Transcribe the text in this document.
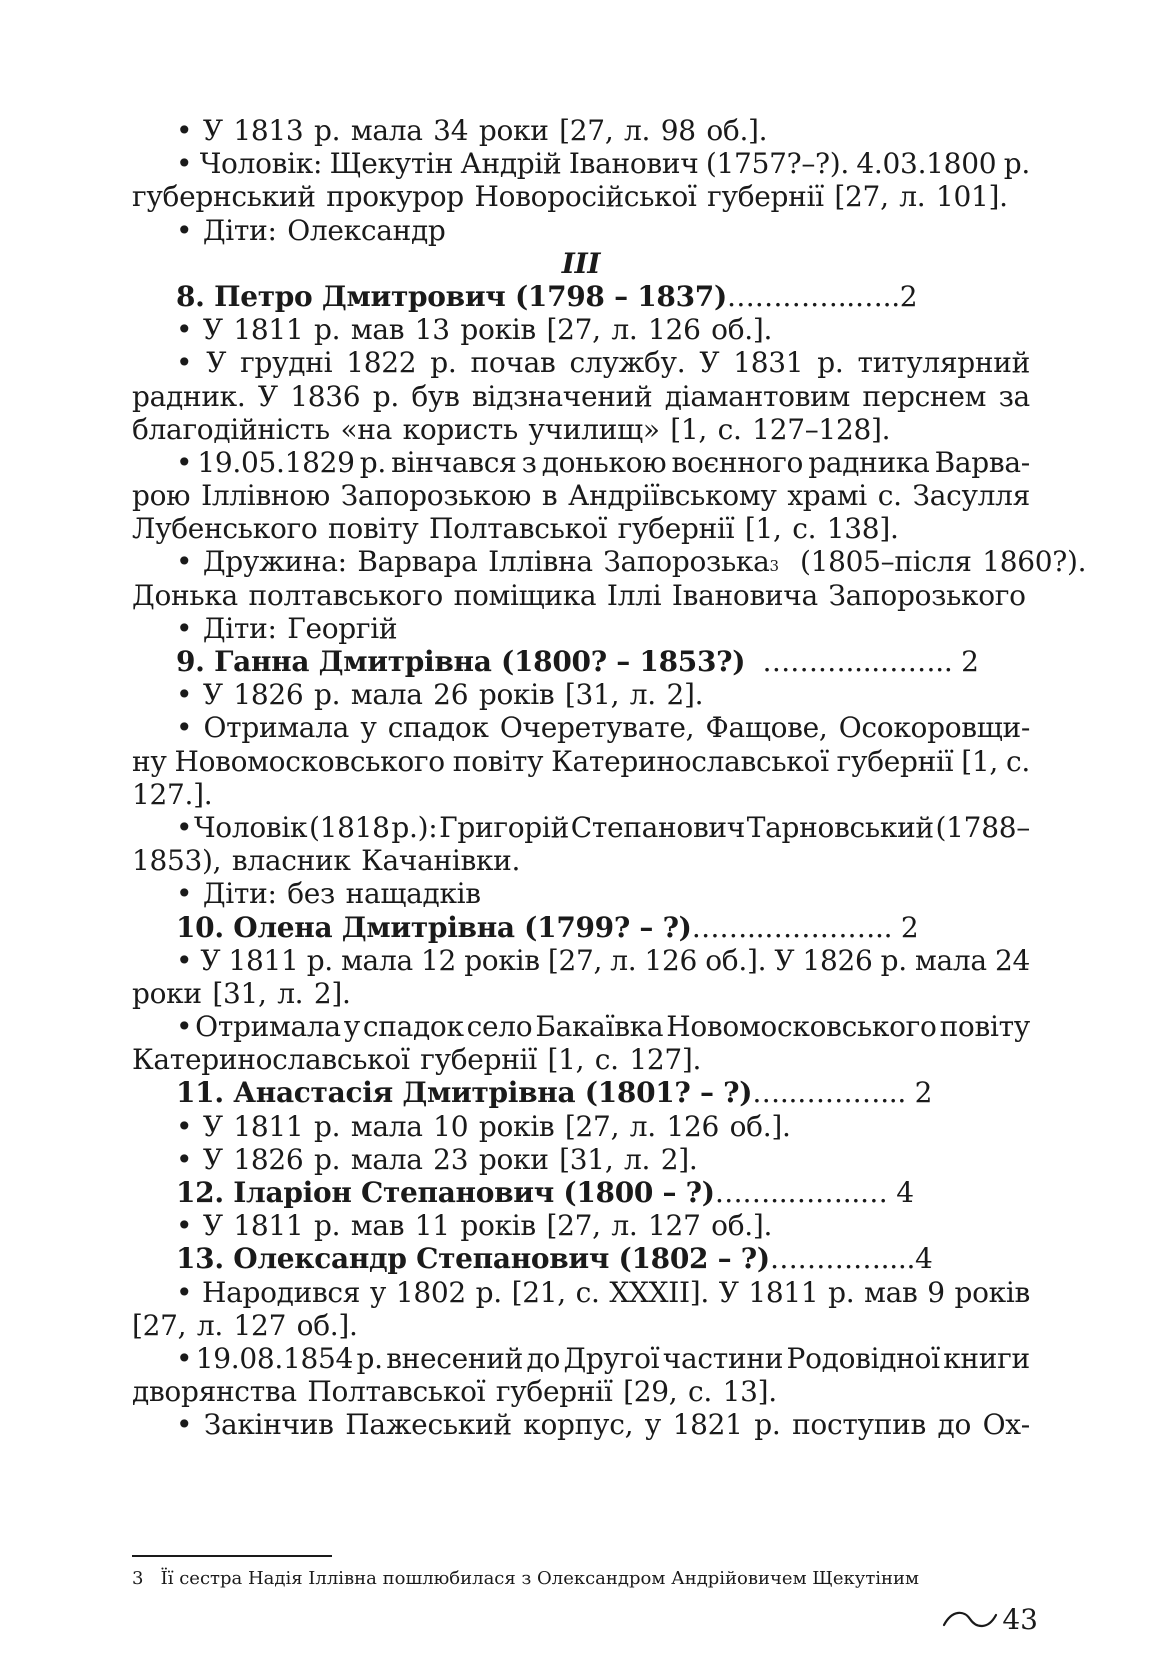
• У 1813 р. мала 34 роки [27, л. 98 об.].
• Чоловік: Щекутін Андрій Іванович (1757?–?). 4.03.1800 р.
губернський прокурор Новоросійської губернії [27, л. 101].
• Діти: Олександр
ІІІ
8. Петро Дмитрович (1798 – 1837) …………..…..2
• У 1811 р. мав 13 років [27, л. 126 об.].
• У грудні 1822 р. почав службу. У 1831 р. титулярний
радник. У 1836 р. був відзначений діамантовим перснем за
благодійність «на користь училищ» [1, с. 127–128].
• 19.05.1829 р. вінчався з донькою воєнного радника Варва-
рою Іллівною Запорозькою в Андріївському храмі с. Засулля
Лубенського повіту Полтавської губернії [1, с. 138].
• Дружина: Варвара Іллівна Запорозька 3 (1805–після 1860?).
Донька полтавського поміщика Іллі Івановича Запорозького
• Діти: Георгій
9. Ганна Дмитрівна (1800? – 1853?) ………....…….. 2
• У 1826 р. мала 26 років [31, л. 2].
• Отримала у спадок Очеретувате, Фащове, Осокоровщи-
ну Новомосковського повіту Катеринославської губернії [1, с.
127.].
• Чоловік (1818 р.): Григорій Степанович Тарновський (1788–
1853), власник Качанівки.
• Діти: без нащадків
10. Олена Дмитрівна (1799? – ?) ……..………….. 2
• У 1811 р. мала 12 років [27, л. 126 об.]. У 1826 р. мала 24
роки [31, л. 2].
• Отримала у спадок село Бакаївка Новомосковського повіту
Катеринославської губернії [1, с. 127].
11. Анастасія Дмитрівна (1801? – ?) …..………... 2
• У 1811 р. мала 10 років [27, л. 126 об.].
• У 1826 р. мала 23 роки [31, л. 2].
12. Іларіон Степанович (1800 – ?) ……..……..… 4
• У 1811 р. мав 11 років [27, л. 127 об.].
13. Олександр Степанович (1802 – ?) …………....4
• Народився у 1802 р. [21, с. XXXII]. У 1811 р. мав 9 років
[27, л. 127 об.].
• 19.08.1854 р. внесений до Другої частини Родовідної книги
дворянства Полтавської губернії [29, с. 13].
• Закінчив Пажеський корпус, у 1821 р. поступив до Ох-
3 Її сестра Надія Іллівна пошлюбилася з Олександром Андрійовичем Щекутіним
43
